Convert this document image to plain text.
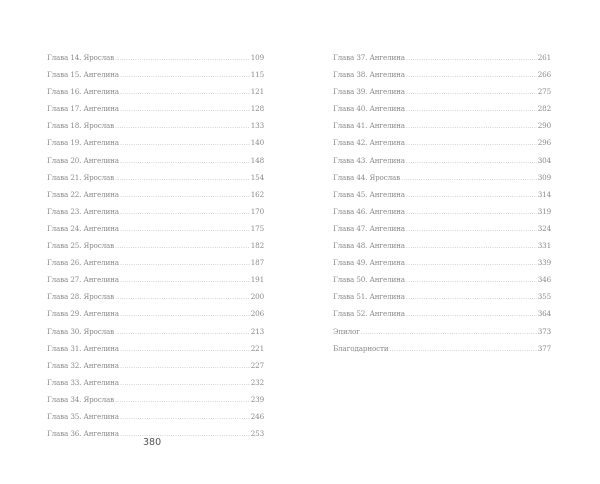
Глава 14. Ярослав .....	109
Глава 15. Ангелина .....	115
Глава 16. Ангелина .....	121
Глава 17. Ангелина .....	128
Глава 18. Ярослав .....	133
Глава 19. Ангелина .....	140
Глава 20. Ангелина .....	148
Глава 21. Ярослав .....	154
Глава 22. Ангелина .....	162
Глава 23. Ангелина .....	170
Глава 24. Ангелина .....	175
Глава 25. Ярослав .....	182
Глава 26. Ангелина .....	187
Глава 27. Ангелина .....	191
Глава 28. Ярослав .....	200
Глава 29. Ангелина .....	206
Глава 30. Ярослав .....	213
Глава 31. Ангелина .....	221
Глава 32. Ангелина .....	227
Глава 33. Ангелина .....	232
Глава 34. Ярослав .....	239
Глава 35. Ангелина .....	246
Глава 36. Ангелина .....	253
Глава 37. Ангелина .....	261
Глава 38. Ангелина .....	266
Глава 39. Ангелина .....	275
Глава 40. Ангелина .....	282
Глава 41. Ангелина .....	290
Глава 42. Ангелина .....	296
Глава 43. Ангелина .....	304
Глава 44. Ярослав .....	309
Глава 45. Ангелина .....	314
Глава 46. Ангелина .....	319
Глава 47. Ангелина .....	324
Глава 48. Ангелина .....	331
Глава 49. Ангелина .....	339
Глава 50. Ангелина .....	346
Глава 51. Ангелина .....	355
Глава 52. Ангелина .....	364
Эпилог .....	373
Благодарности .....	377
380
